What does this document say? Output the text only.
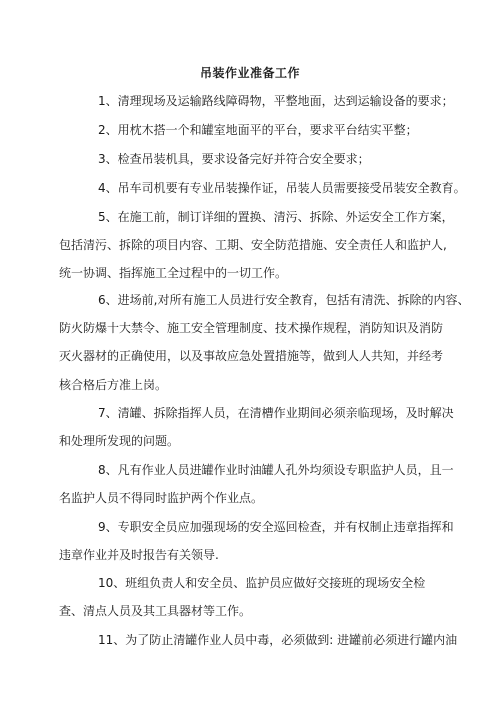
吊装作业准备工作
1、清理现场及运输路线障碍物，平整地面，达到运输设备的要求；
2、用枕木搭一个和罐室地面平的平台，要求平台结实平整；
3、检查吊装机具，要求设备完好并符合安全要求；
4、吊车司机要有专业吊装操作证，吊装人员需要接受吊装安全教育。
5、在施工前，制订详细的置换、清污、拆除、外运安全工作方案，
包括清污、拆除的项目内容、工期、安全防范措施、安全责任人和监护人,
统一协调、指挥施工全过程中的一切工作。
6、进场前,对所有施工人员进行安全教育，包括有清洗、拆除的内容、
防火防爆十大禁令、施工安全管理制度、技术操作规程，消防知识及消防
灭火器材的正确使用，以及事故应急处置措施等，做到人人共知，并经考
核合格后方准上岗。
7、清罐、拆除指挥人员，在清槽作业期间必须亲临现场，及时解决
和处理所发现的问题。
8、凡有作业人员进罐作业时油罐人孔外均须设专职监护人员，且一
名监护人员不得同时监护两个作业点。
9、专职安全员应加强现场的安全巡回检查，并有权制止违章指挥和
违章作业并及时报告有关领导.
10、班组负责人和安全员、监护员应做好交接班的现场安全检
查、清点人员及其工具器材等工作。
11、为了防止清罐作业人员中毒，必须做到: 进罐前必须进行罐内油
